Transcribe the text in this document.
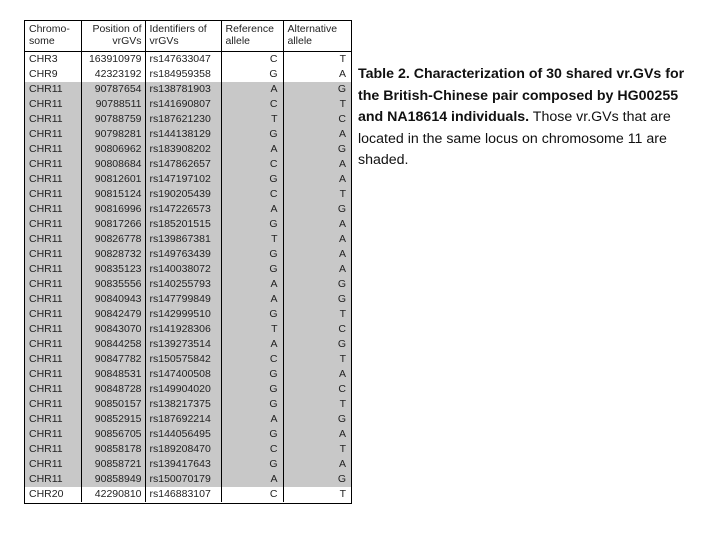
Chromo-some	Position of vrGVs	Identifiers of vrGVs	Reference allele	Alternative allele
CHR3	163910979	rs147633047	C	T
CHR9	42323192	rs184959358	G	A
CHR11	90787654	rs138781903	A	G
CHR11	90788511	rs141690807	C	T
CHR11	90788759	rs187621230	T	C
CHR11	90798281	rs144138129	G	A
CHR11	90806962	rs183908202	A	G
CHR11	90808684	rs147862657	C	A
CHR11	90812601	rs147197102	G	A
CHR11	90815124	rs190205439	C	T
CHR11	90816996	rs147226573	A	G
CHR11	90817266	rs185201515	G	A
CHR11	90826778	rs139867381	T	A
CHR11	90828732	rs149763439	G	A
CHR11	90835123	rs140038072	G	A
CHR11	90835556	rs140255793	A	G
CHR11	90840943	rs147799849	A	G
CHR11	90842479	rs142999510	G	T
CHR11	90843070	rs141928306	T	C
CHR11	90844258	rs139273514	A	G
CHR11	90847782	rs150575842	C	T
CHR11	90848531	rs147400508	G	A
CHR11	90848728	rs149904020	G	C
CHR11	90850157	rs138217375	G	T
CHR11	90852915	rs187692214	A	G
CHR11	90856705	rs144056495	G	A
CHR11	90858178	rs189208470	C	T
CHR11	90858721	rs139417643	G	A
CHR11	90858949	rs150070179	A	G
CHR20	42290810	rs146883107	C	T
Table 2. Characterization of 30 shared vr.GVs for the British-Chinese pair composed by HG00255 and NA18614 individuals. Those vr.GVs that are located in the same locus on chromosome 11 are shaded.
